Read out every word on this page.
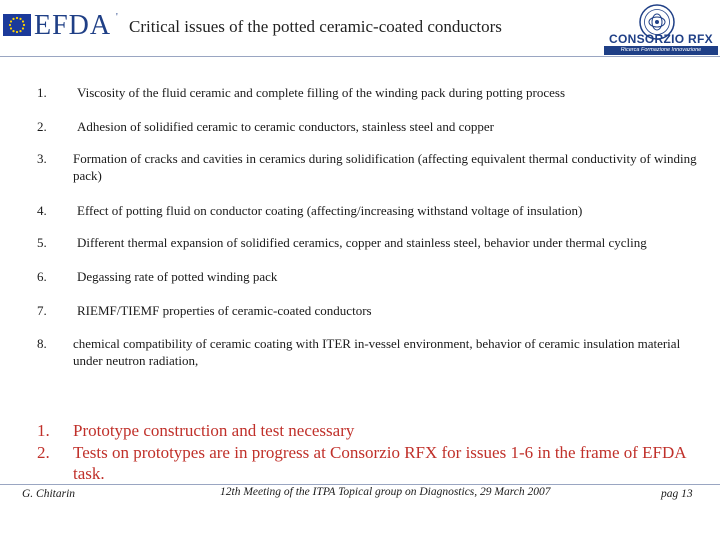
EFDA ' Critical issues of the potted ceramic-coated conductors
CONSORZIO RFX
Ricerca Formazione Innovazione
1. Viscosity of the fluid ceramic and complete filling of the winding pack during potting process
2. Adhesion of solidified ceramic to ceramic conductors, stainless steel and copper
3. Formation of cracks and cavities in ceramics during solidification (affecting equivalent thermal conductivity of winding pack)
4. Effect of potting fluid on conductor coating (affecting/increasing withstand voltage of insulation)
5. Different thermal expansion of solidified ceramics, copper and stainless steel, behavior under thermal cycling
6. Degassing rate of potted winding pack
7. RIEMF/TIEMF properties of ceramic-coated conductors
8. chemical compatibility of ceramic coating with ITER in-vessel environment, behavior of ceramic insulation material under neutron radiation,
1. Prototype construction and test necessary
2. Tests on prototypes are in progress at Consorzio RFX for issues 1-6 in the frame of EFDA task.
G. Chitarin	12th Meeting of the ITPA Topical group on Diagnostics, 29 March 2007	pag 13
